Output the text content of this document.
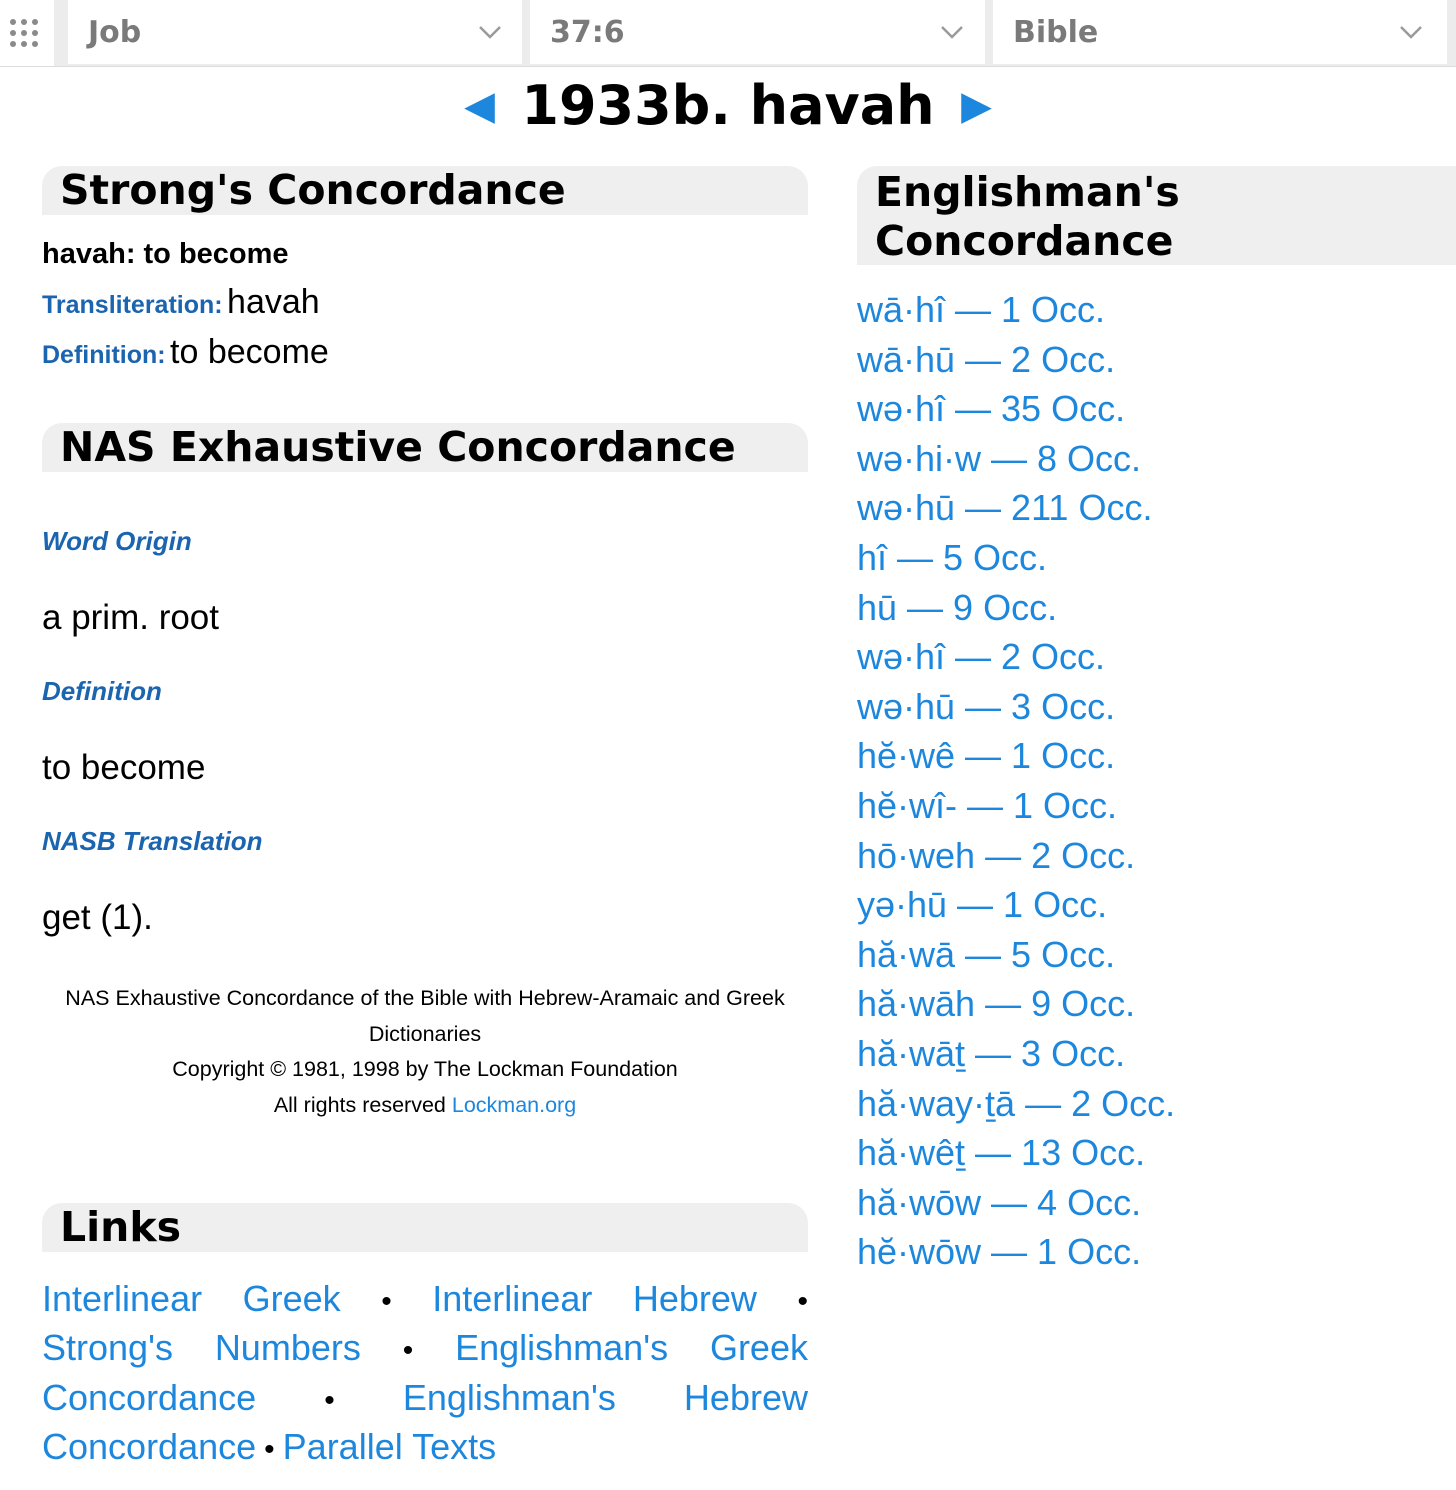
Job	37:6	Bible
◀ 1933b. havah ▶
Strong's Concordance
havah: to become
Transliteration: havah
Definition: to become
NAS Exhaustive Concordance
Word Origin
a prim. root
Definition
to become
NASB Translation
get (1).
NAS Exhaustive Concordance of the Bible with Hebrew-Aramaic and Greek Dictionaries
Copyright © 1981, 1998 by The Lockman Foundation
All rights reserved Lockman.org
Links
Interlinear Greek • Interlinear Hebrew •
Strong's Numbers • Englishman's Greek
Concordance • Englishman's Hebrew
Concordance • Parallel Texts
Englishman's
Concordance
wā·hî — 1 Occ.
wā·hū — 2 Occ.
wə·hî — 35 Occ.
wə·hi·w — 8 Occ.
wə·hū — 211 Occ.
hî — 5 Occ.
hū — 9 Occ.
wə·hî — 2 Occ.
wə·hū — 3 Occ.
hĕ·wê — 1 Occ.
hĕ·wî- — 1 Occ.
hō·weh — 2 Occ.
yə·hū — 1 Occ.
hă·wā — 5 Occ.
hă·wāh — 9 Occ.
hă·wāṯ — 3 Occ.
hă·way·ṯā — 2 Occ.
hă·wêṯ — 13 Occ.
hă·wōw — 4 Occ.
hĕ·wōw — 1 Occ.
